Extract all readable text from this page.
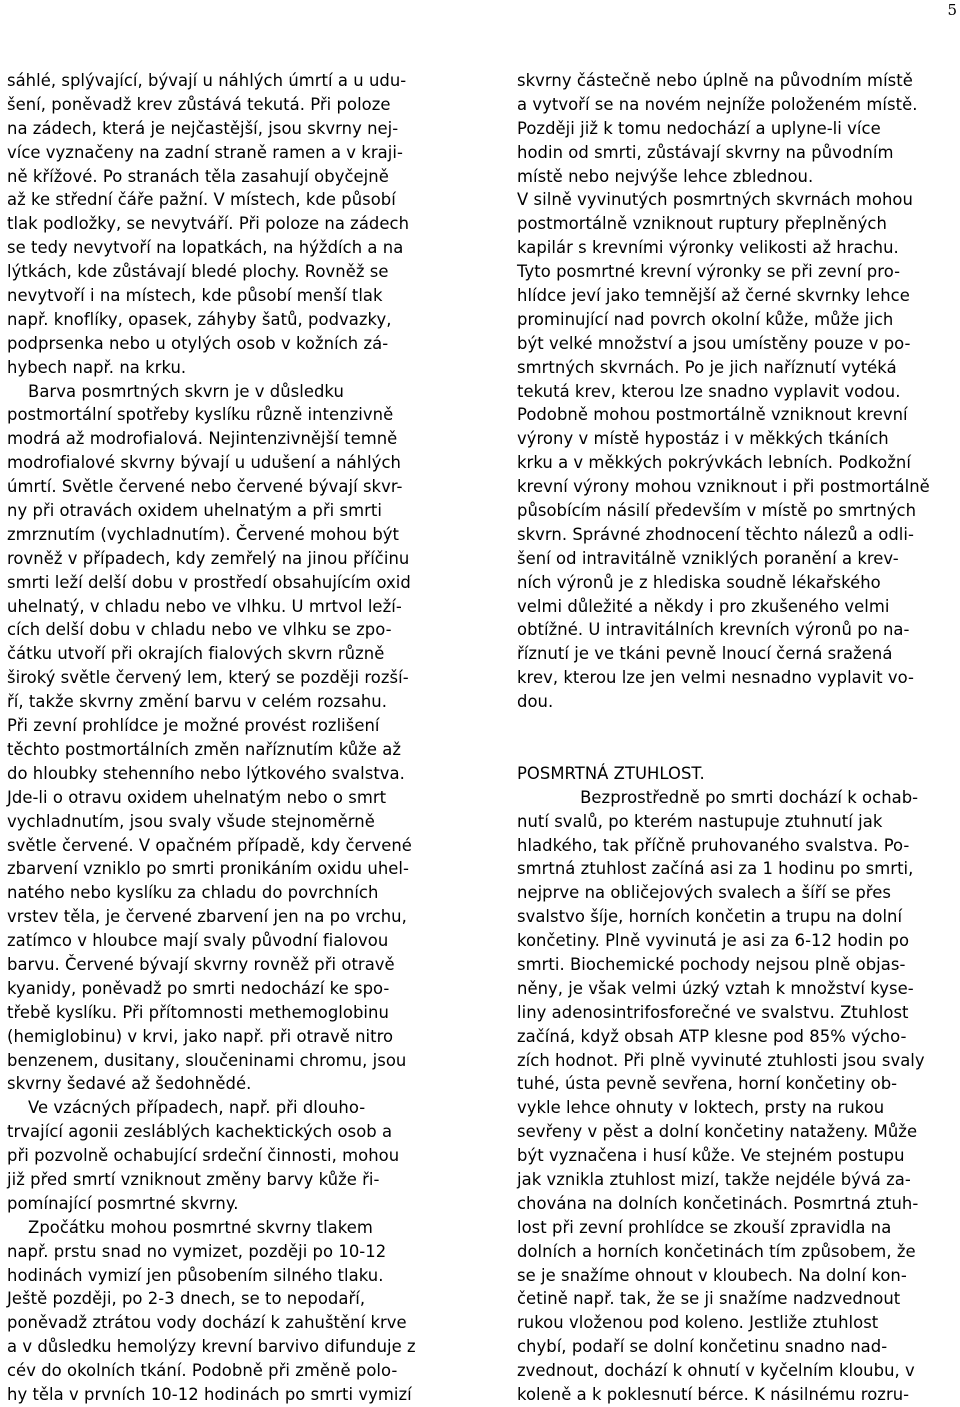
5
sáhlé, splývající, bývají u náhlých úmrtí a u udu-
šení, poněvadž krev zůstává tekutá. Při poloze
na zádech, která je nejčastější, jsou skvrny nej-
více vyznačeny na zadní straně ramen a v kraji-
ně křížové. Po stranách těla zasahují obyčejně
až ke střední čáře pažní. V místech, kde působí
tlak podložky, se nevytváří. Při poloze na zádech
se tedy nevytvoří na lopatkách, na hýždích a na
lýtkách, kde zůstávají bledé plochy. Rovněž se
nevytvoří i na místech, kde působí menší tlak
např. knoflíky, opasek, záhyby šatů, podvazky,
podprsenka nebo u otylých osob v kožních zá-
hybech např. na krku.
Barva posmrtných skvrn je v důsledku
postmortální spotřeby kyslíku různě intenzivně
modrá až modrofialová. Nejintenzivnější temně
modrofialové skvrny bývají u udušení a náhlých
úmrtí. Světle červené nebo červené bývají skvr-
ny při otravách oxidem uhelnatým a při smrti
zmrznutím (vychladnutím). Červené mohou být
rovněž v případech, kdy zemřelý na jinou příčinu
smrti leží delší dobu v prostředí obsahujícím oxid
uhelnatý, v chladu nebo ve vlhku. U mrtvol leží-
cích delší dobu v chladu nebo ve vlhku se zpo-
čátku utvoří při okrajích fialových skvrn různě
široký světle červený lem, který se později rozší-
ří, takže skvrny změní barvu v celém rozsahu.
Při zevní prohlídce je možné provést rozlišení
těchto postmortálních změn naříznutím kůže až
do hloubky stehenního nebo lýtkového svalstva.
Jde-li o otravu oxidem uhelnatým nebo o smrt
vychladnutím, jsou svaly všude stejnoměrně
světle červené. V opačném případě, kdy červené
zbarvení vzniklo po smrti pronikáním oxidu uhel-
natého nebo kyslíku za chladu do povrchních
vrstev těla, je červené zbarvení jen na po vrchu,
zatímco v hloubce mají svaly původní fialovou
barvu. Červené bývají skvrny rovněž při otravě
kyanidy, poněvadž po smrti nedochází ke spo-
třebě kyslíku. Při přítomnosti methemoglobinu
(hemiglobinu) v krvi, jako např. při otravě nitro
benzenem, dusitany, sloučeninami chromu, jsou
skvrny šedavé až šedohnědé.
Ve vzácných případech, např. při dlouho-
trvající agonii zesláblých kachektických osob a
při pozvolně ochabující srdeční činnosti, mohou
již před smrtí vzniknout změny barvy kůže ři-
pomínající posmrtné skvrny.
Zpočátku mohou posmrtné skvrny tlakem
např. prstu snad no vymizet, později po 10-12
hodinách vymizí jen působením silného tlaku.
Ještě později, po 2-3 dnech, se to nepodaří,
poněvadž ztrátou vody dochází k zahuštění krve
a v důsledku hemolýzy krevní barvivo difunduje z
cév do okolních tkání. Podobně při změně polo-
hy těla v prvních 10-12 hodinách po smrti vymizí
skvrny částečně nebo úplně na původním místě
a vytvoří se na novém nejníže položeném místě.
Později již k tomu nedochází a uplyne-li více
hodin od smrti, zůstávají skvrny na původním
místě nebo nejvýše lehce zblednou.
V silně vyvinutých posmrtných skvrnách mohou
postmortálně vzniknout ruptury přeplněných
kapilár s krevními výronky velikosti až hrachu.
Tyto posmrtné krevní výronky se při zevní pro-
hlídce jeví jako temnější až černé skvrnky lehce
prominující nad povrch okolní kůže, může jich
být velké množství a jsou umístěny pouze v po-
smrtných skvrnách. Po je jich naříznutí vytéká
tekutá krev, kterou lze snadno vyplavit vodou.
Podobně mohou postmortálně vzniknout krevní
výrony v místě hypostáz i v měkkých tkáních
krku a v měkkých pokrývkách lebních. Podkožní
krevní výrony mohou vzniknout i při postmortálně
působícím násilí především v místě po smrtných
skvrn. Správné zhodnocení těchto nálezů a odli-
šení od intravitálně vzniklých poranění a krev-
ních výronů je z hlediska soudně lékařského
velmi důležité a někdy i pro zkušeného velmi
obtížné. U intravitálních krevních výronů po na-
říznutí je ve tkáni pevně lnoucí černá sražená
krev, kterou lze jen velmi nesnadno vyplavit vo-
dou.
POSMRTNÁ ZTUHLOST.
Bezprostředně po smrti dochází k ochab-
nutí svalů, po kterém nastupuje ztuhnutí jak
hladkého, tak příčně pruhovaného svalstva. Po-
smrtná ztuhlost začíná asi za 1 hodinu po smrti,
nejprve na obličejových svalech a šíří se přes
svalstvo šíje, horních končetin a trupu na dolní
končetiny. Plně vyvinutá je asi za 6-12 hodin po
smrti. Biochemické pochody nejsou plně objas-
něny, je však velmi úzký vztah k množství kyse-
liny adenosintrifosforečné ve svalstvu. Ztuhlost
začíná, když obsah ATP klesne pod 85% výcho-
zích hodnot. Při plně vyvinuté ztuhlosti jsou svaly
tuhé, ústa pevně sevřena, horní končetiny ob-
vykle lehce ohnuty v loktech, prsty na rukou
sevřeny v pěst a dolní končetiny nataženy. Může
být vyznačena i husí kůže. Ve stejném postupu
jak vznikla ztuhlost mizí, takže nejdéle bývá za-
chována na dolních končetinách. Posmrtná ztuh-
lost při zevní prohlídce se zkouší zpravidla na
dolních a horních končetinách tím způsobem, že
se je snažíme ohnout v kloubech. Na dolní kon-
četině např. tak, že se ji snažíme nadzvednout
rukou vloženou pod koleno. Jestliže ztuhlost
chybí, podaří se dolní končetinu snadno nad-
zvednout, dochází k ohnutí v kyčelním kloubu, v
koleně a k poklesnutí bérce. K násilnému rozru-
